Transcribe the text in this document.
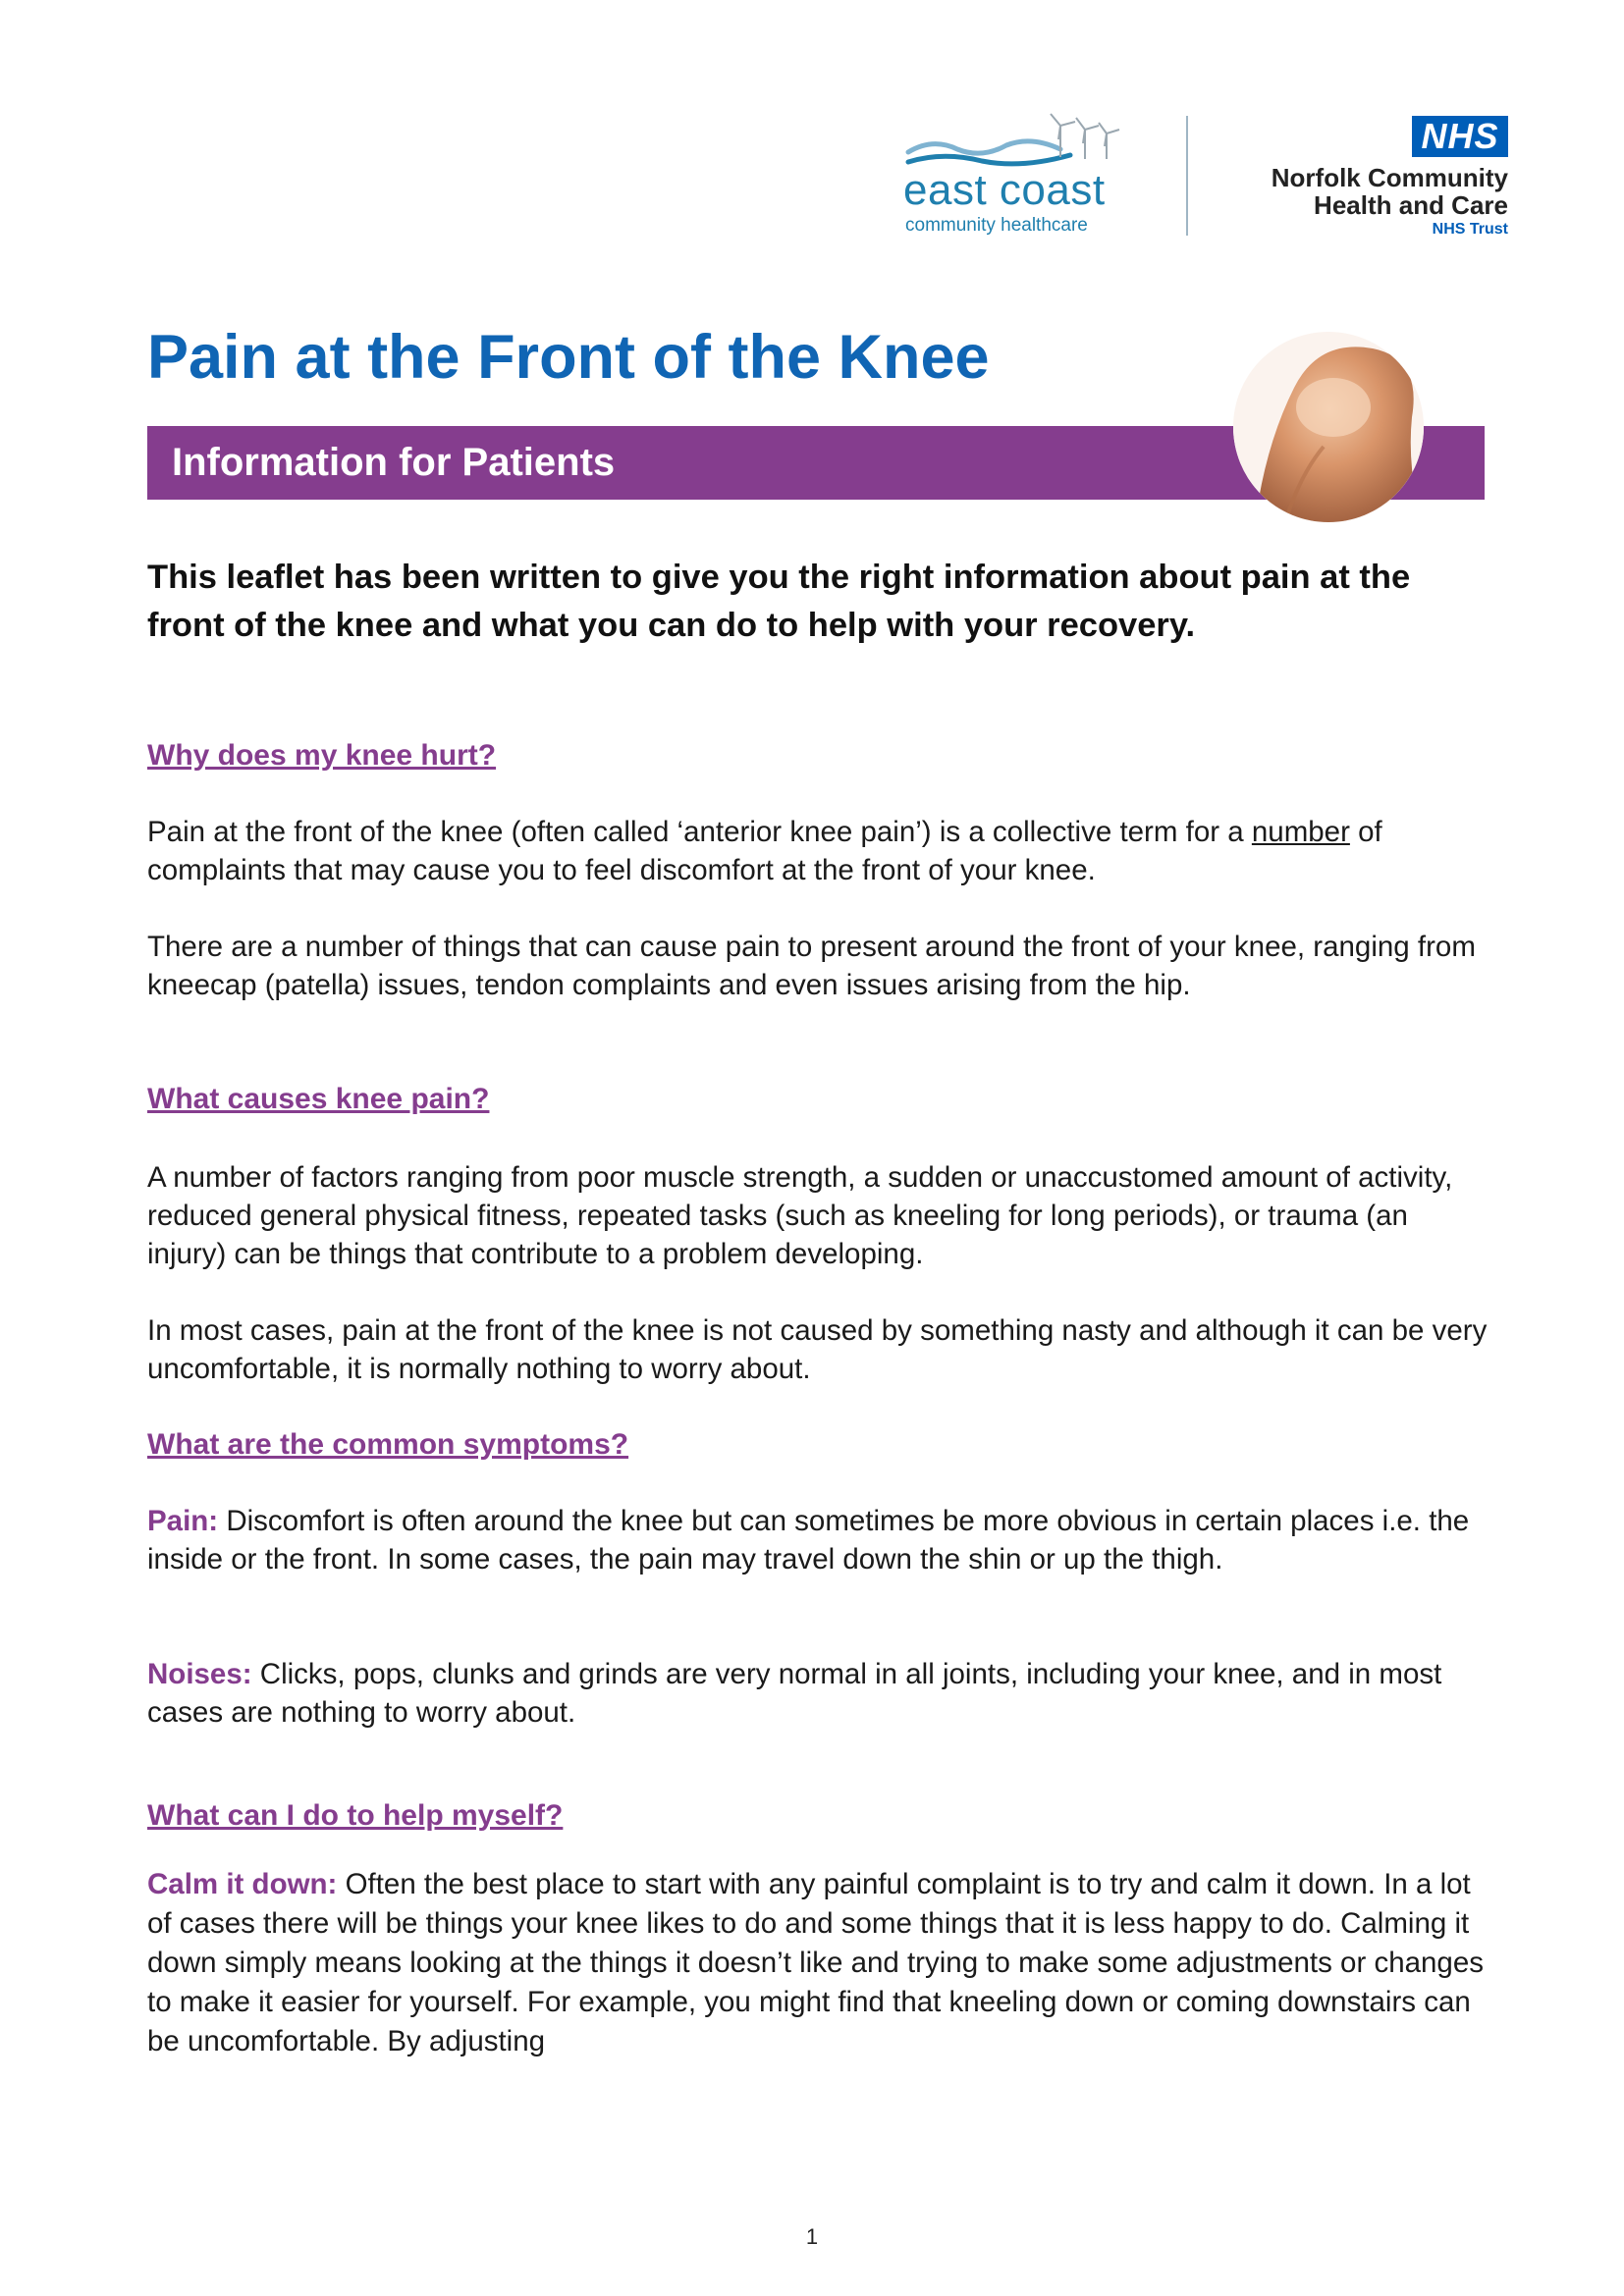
east coast
community healthcare
NHS
Norfolk Community
Health and Care
NHS Trust
Pain at the Front of the Knee
Information for Patients
This leaflet has been written to give you the right information about pain at the front of the knee and what you can do to help with your recovery.
Why does my knee hurt?
Pain at the front of the knee (often called ‘anterior knee pain’) is a collective term for a number of complaints that may cause you to feel discomfort at the front of your knee.
There are a number of things that can cause pain to present around the front of your knee, ranging from kneecap (patella) issues, tendon complaints and even issues arising from the hip.
What causes knee pain?
A number of factors ranging from poor muscle strength, a sudden or unaccustomed amount of activity, reduced general physical fitness, repeated tasks (such as kneeling for long periods), or trauma (an injury) can be things that contribute to a problem developing.
In most cases, pain at the front of the knee is not caused by something nasty and although it can be very uncomfortable, it is normally nothing to worry about.
What are the common symptoms?
Pain: Discomfort is often around the knee but can sometimes be more obvious in certain places i.e. the inside or the front. In some cases, the pain may travel down the shin or up the thigh.
Noises: Clicks, pops, clunks and grinds are very normal in all joints, including your knee, and in most cases are nothing to worry about.
What can I do to help myself?
Calm it down: Often the best place to start with any painful complaint is to try and calm it down. In a lot of cases there will be things your knee likes to do and some things that it is less happy to do. Calming it down simply means looking at the things it doesn’t like and trying to make some adjustments or changes to make it easier for yourself. For example, you might find that kneeling down or coming downstairs can be uncomfortable. By adjusting
1
